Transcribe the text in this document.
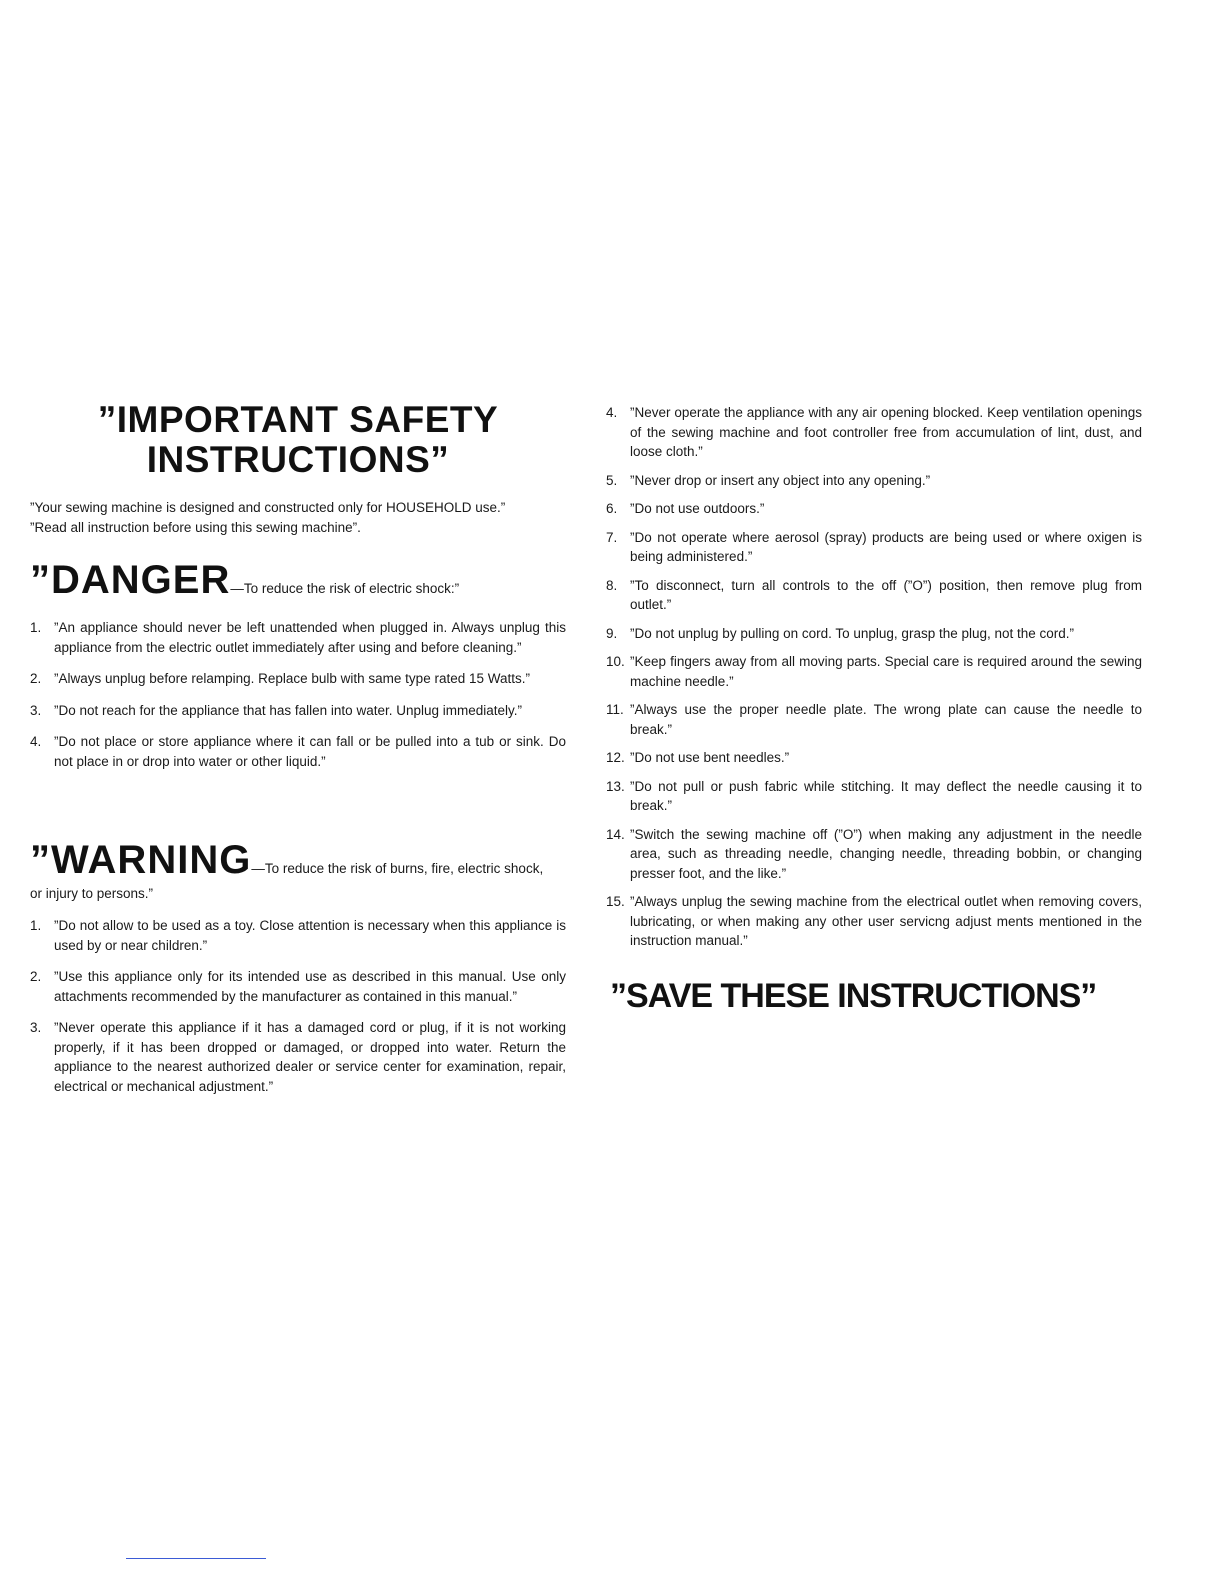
”IMPORTANT SAFETY INSTRUCTIONS”
”Your sewing machine is designed and constructed only for HOUSEHOLD use.”
”Read all instruction before using this sewing machine”.
”DANGER—To reduce the risk of electric shock:”
1. ”An appliance should never be left unattended when plugged in. Always unplug this appliance from the electric outlet immediately after using and before cleaning.”
2. ”Always unplug before relamping. Replace bulb with same type rated 15 Watts.”
3. ”Do not reach for the appliance that has fallen into water. Unplug immediately.”
4. ”Do not place or store appliance where it can fall or be pulled into a tub or sink. Do not place in or drop into water or other liquid.”
”WARNING—To reduce the risk of burns, fire, electric shock,
or injury to persons.”
1. ”Do not allow to be used as a toy. Close attention is necessary when this appliance is used by or near children.”
2. ”Use this appliance only for its intended use as described in this manual. Use only attachments recommended by the manufacturer as contained in this manual.”
3. ”Never operate this appliance if it has a damaged cord or plug, if it is not working properly, if it has been dropped or damaged, or dropped into water. Return the appliance to the nearest authorized dealer or service center for examination, repair, electrical or mechanical adjustment.”
4. ”Never operate the appliance with any air opening blocked. Keep ventilation openings of the sewing machine and foot controller free from accumulation of lint, dust, and loose cloth.”
5. ”Never drop or insert any object into any opening.”
6. ”Do not use outdoors.”
7. ”Do not operate where aerosol (spray) products are being used or where oxigen is being administered.”
8. ”To disconnect, turn all controls to the off (”O”) position, then remove plug from outlet.”
9. ”Do not unplug by pulling on cord. To unplug, grasp the plug, not the cord.”
10. ”Keep fingers away from all moving parts. Special care is required around the sewing machine needle.”
11. ”Always use the proper needle plate. The wrong plate can cause the needle to break.”
12. ”Do not use bent needles.”
13. ”Do not pull or push fabric while stitching. It may deflect the needle causing it to break.”
14. ”Switch the sewing machine off (”O”) when making any adjustment in the needle area, such as threading needle, changing needle, threading bobbin, or changing presser foot, and the like.”
15. ”Always unplug the sewing machine from the electrical outlet when removing covers, lubricating, or when making any other user servicng adjust ments mentioned in the instruction manual.”
”SAVE THESE INSTRUCTIONS”
